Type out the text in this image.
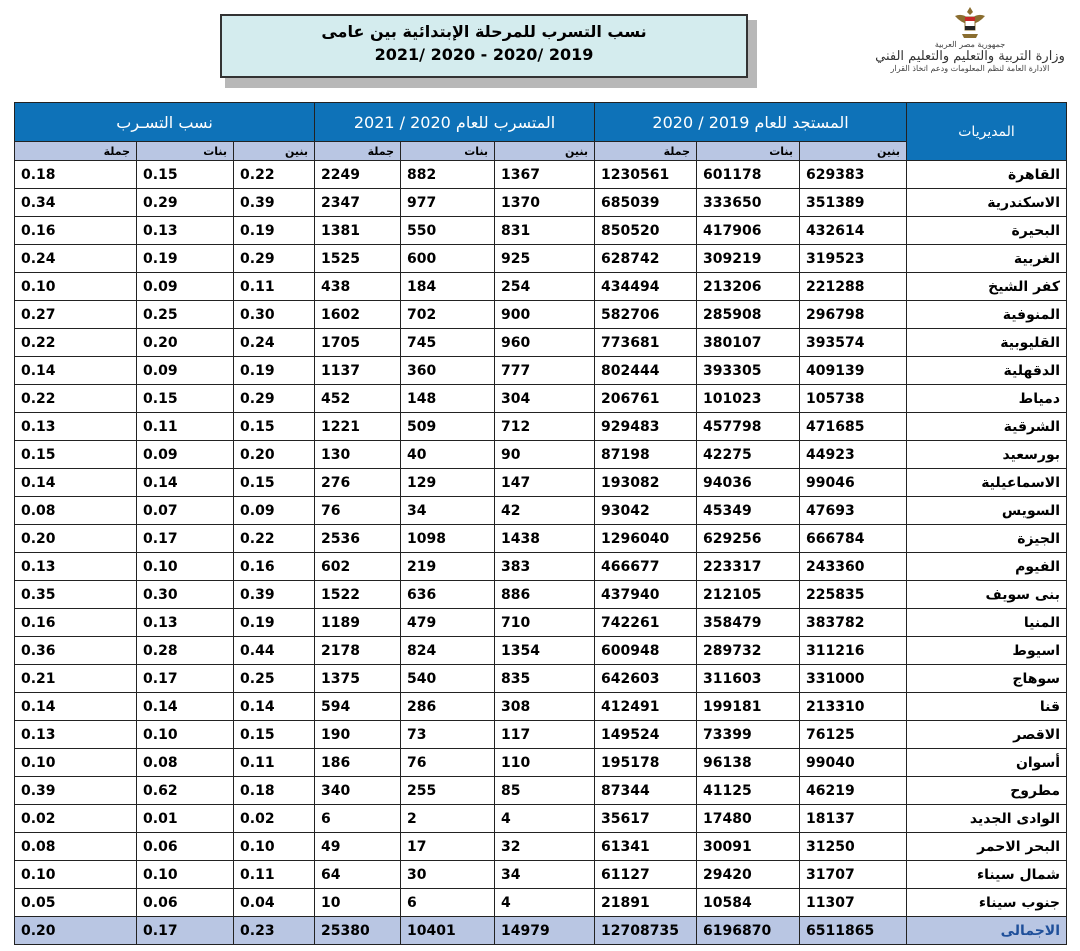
نسب التسرب للمرحلة الإبتدائية بين عامى
2021/ 2020 - 2020/ 2019
جمهورية مصر العربية
وزارة التربية والتعليم والتعليم الفني
الادارة العامة لنظم المعلومات ودعم اتخاذ القرار
المديريات	المستجد للعام 2019 / 2020			المتسرب للعام 2020 / 2021			نسب التسـرب		
	بنين	بنات	جملة	بنين	بنات	جملة	بنين	بنات	جملة
القاهرة	629383	601178	1230561	1367	882	2249	0.22	0.15	0.18
الاسكندرية	351389	333650	685039	1370	977	2347	0.39	0.29	0.34
البحيرة	432614	417906	850520	831	550	1381	0.19	0.13	0.16
الغربية	319523	309219	628742	925	600	1525	0.29	0.19	0.24
كفر الشيخ	221288	213206	434494	254	184	438	0.11	0.09	0.10
المنوفية	296798	285908	582706	900	702	1602	0.30	0.25	0.27
القليوبية	393574	380107	773681	960	745	1705	0.24	0.20	0.22
الدقهلية	409139	393305	802444	777	360	1137	0.19	0.09	0.14
دمياط	105738	101023	206761	304	148	452	0.29	0.15	0.22
الشرقية	471685	457798	929483	712	509	1221	0.15	0.11	0.13
بورسعيد	44923	42275	87198	90	40	130	0.20	0.09	0.15
الاسماعيلية	99046	94036	193082	147	129	276	0.15	0.14	0.14
السويس	47693	45349	93042	42	34	76	0.09	0.07	0.08
الجيزة	666784	629256	1296040	1438	1098	2536	0.22	0.17	0.20
الفيوم	243360	223317	466677	383	219	602	0.16	0.10	0.13
بنى سويف	225835	212105	437940	886	636	1522	0.39	0.30	0.35
المنيا	383782	358479	742261	710	479	1189	0.19	0.13	0.16
اسيوط	311216	289732	600948	1354	824	2178	0.44	0.28	0.36
سوهاج	331000	311603	642603	835	540	1375	0.25	0.17	0.21
قنا	213310	199181	412491	308	286	594	0.14	0.14	0.14
الاقصر	76125	73399	149524	117	73	190	0.15	0.10	0.13
أسوان	99040	96138	195178	110	76	186	0.11	0.08	0.10
مطروح	46219	41125	87344	85	255	340	0.18	0.62	0.39
الوادى الجديد	18137	17480	35617	4	2	6	0.02	0.01	0.02
البحر الاحمر	31250	30091	61341	32	17	49	0.10	0.06	0.08
شمال سيناء	31707	29420	61127	34	30	64	0.11	0.10	0.10
جنوب سيناء	11307	10584	21891	4	6	10	0.04	0.06	0.05
الاجمالى	6511865	6196870	12708735	14979	10401	25380	0.23	0.17	0.20
